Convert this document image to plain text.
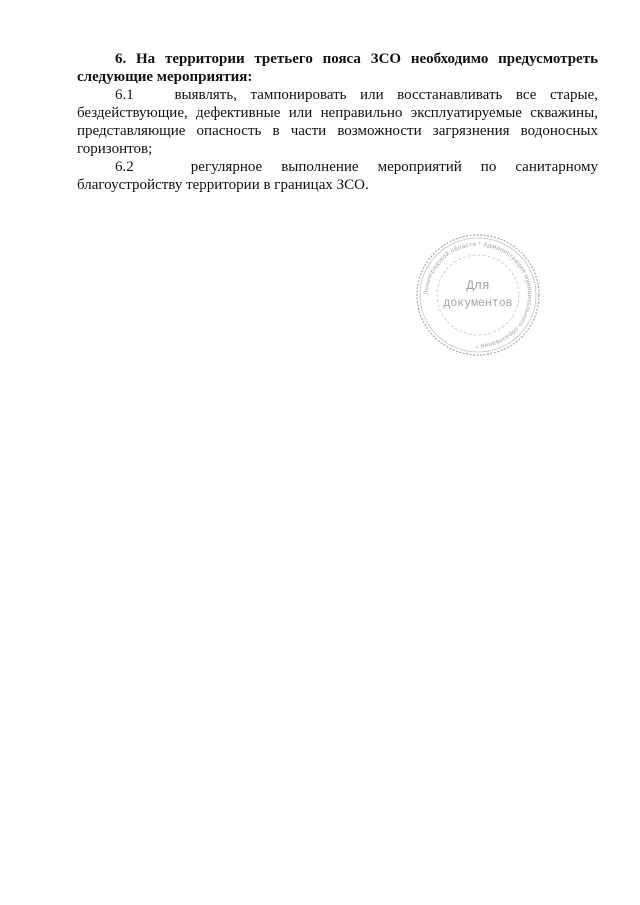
6. На территории третьего пояса ЗСО необходимо предусмотреть следующие мероприятия:

6.1	выявлять, тампонировать или восстанавливать все старые, бездействующие, дефективные или неправильно эксплуатируемые скважины, представляющие опасность в части возможности загрязнения водоносных горизонтов;

6.2	регулярное выполнение мероприятий по санитарному благоустройству территории в границах ЗСО.

Ленинградской области * Администрация муниципального образования *
Для
документов
